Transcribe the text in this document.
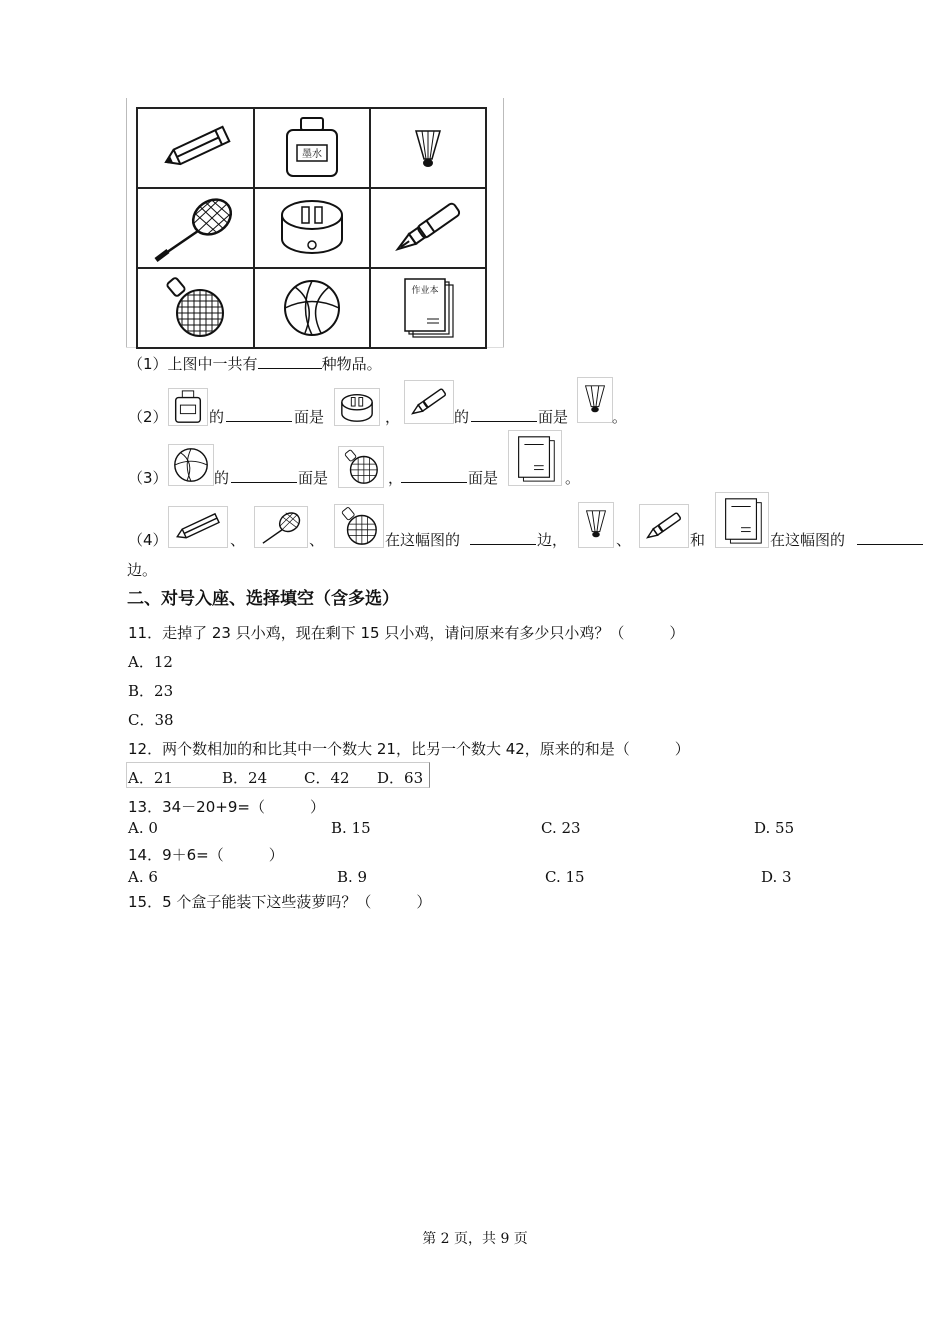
墨水

作业本
（1）上图中一共有	种物品。
（2）	的	面是	，	的	面是	。
（3）	的	面是	，	面是	。
（4）	、	、	在这幅图的	边，	、	和	在这幅图的
边。
二、对号入座、选择填空（含多选）
11．走掉了 23 只小鸡，现在剩下 15 只小鸡，请问原来有多少只小鸡？（　　　）
A．12
B．23
C．38
12．两个数相加的和比其中一个数大 21，比另一个数大 42，原来的和是（　　　）
A．21	B．24 C．42 D．63
13．34－20+9=（　　　）
A. 0	B. 15	C. 23	D. 55
14．9＋6=（　　　）
A. 6	B. 9	C. 15	D. 3
15．5 个盒子能装下这些菠萝吗？（　　　）
第 2 页，共 9 页
